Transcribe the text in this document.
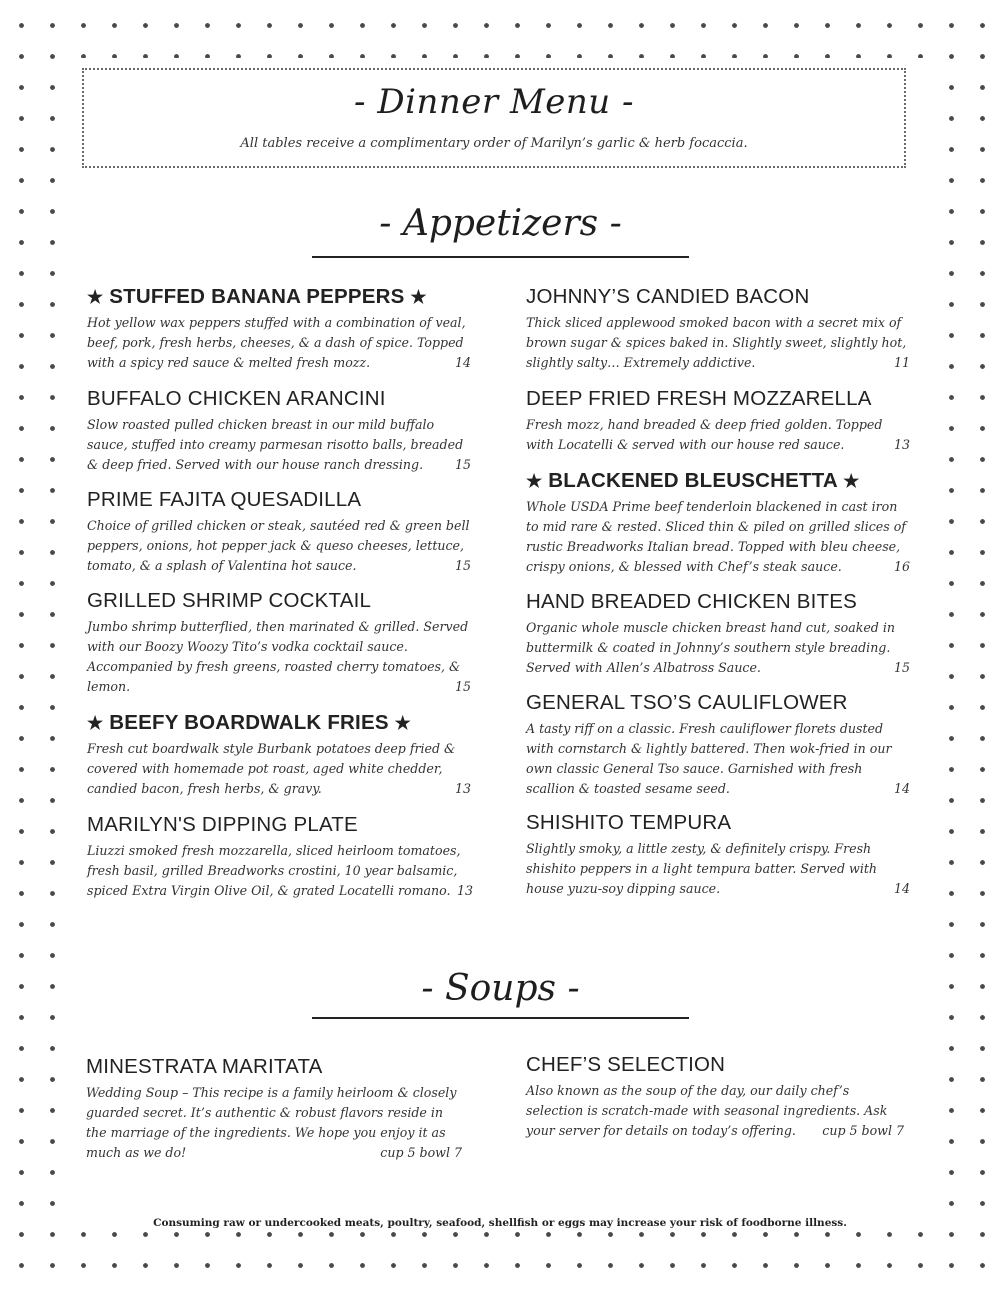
- Dinner Menu -
All tables receive a complimentary order of Marilyn’s garlic & herb focaccia.
- Appetizers -
★ STUFFED BANANA PEPPERS ★
Hot yellow wax peppers stuffed with a combination of veal, beef, pork, fresh herbs, cheeses, & a dash of spice. Topped with a spicy red sauce & melted fresh mozz.	14
BUFFALO CHICKEN ARANCINI
Slow roasted pulled chicken breast in our mild buffalo sauce, stuffed into creamy parmesan risotto balls, breaded & deep fried. Served with our house ranch dressing.	15
PRIME FAJITA QUESADILLA
Choice of grilled chicken or steak, sautéed red & green bell peppers, onions, hot pepper jack & queso cheeses, lettuce, tomato, & a splash of Valentina hot sauce.	15
GRILLED SHRIMP COCKTAIL
Jumbo shrimp butterflied, then marinated & grilled. Served with our Boozy Woozy Tito’s vodka cocktail sauce. Accompanied by fresh greens, roasted cherry tomatoes, & lemon.	15
★ BEEFY BOARDWALK FRIES ★
Fresh cut boardwalk style Burbank potatoes deep fried & covered with homemade pot roast, aged white chedder, candied bacon, fresh herbs, & gravy.	13
MARILYN'S DIPPING PLATE
Liuzzi smoked fresh mozzarella, sliced heirloom tomatoes, fresh basil, grilled Breadworks crostini, 10 year balsamic, spiced Extra Virgin Olive Oil, & grated Locatelli romano. 13
JOHNNY’S CANDIED BACON
Thick sliced applewood smoked bacon with a secret mix of brown sugar & spices baked in. Slightly sweet, slightly hot, slightly salty… Extremely addictive.	11
DEEP FRIED FRESH MOZZARELLA
Fresh mozz, hand breaded & deep fried golden. Topped with Locatelli & served with our house red sauce.	13
★ BLACKENED BLEUSCHETTA ★
Whole USDA Prime beef tenderloin blackened in cast iron to mid rare & rested. Sliced thin & piled on grilled slices of rustic Breadworks Italian bread. Topped with bleu cheese, crispy onions, & blessed with Chef’s steak sauce.	16
HAND BREADED CHICKEN BITES
Organic whole muscle chicken breast hand cut, soaked in buttermilk & coated in Johnny’s southern style breading. Served with Allen’s Albatross Sauce.	15
GENERAL TSO’S CAULIFLOWER
A tasty riff on a classic. Fresh cauliflower florets dusted with cornstarch & lightly battered. Then wok-fried in our own classic General Tso sauce. Garnished with fresh scallion & toasted sesame seed.	14
SHISHITO TEMPURA
Slightly smoky, a little zesty, & definitely crispy. Fresh shishito peppers in a light tempura batter. Served with house yuzu-soy dipping sauce.	14
- Soups -
MINESTRATA MARITATA
Wedding Soup – This recipe is a family heirloom & closely guarded secret. It’s authentic & robust flavors reside in the marriage of the ingredients. We hope you enjoy it as much as we do!	cup 5 bowl 7
CHEF’S SELECTION
Also known as the soup of the day, our daily chef’s selection is scratch-made with seasonal ingredients. Ask your server for details on today’s offering.	cup 5 bowl 7
Consuming raw or undercooked meats, poultry, seafood, shellfish or eggs may increase your risk of foodborne illness.
